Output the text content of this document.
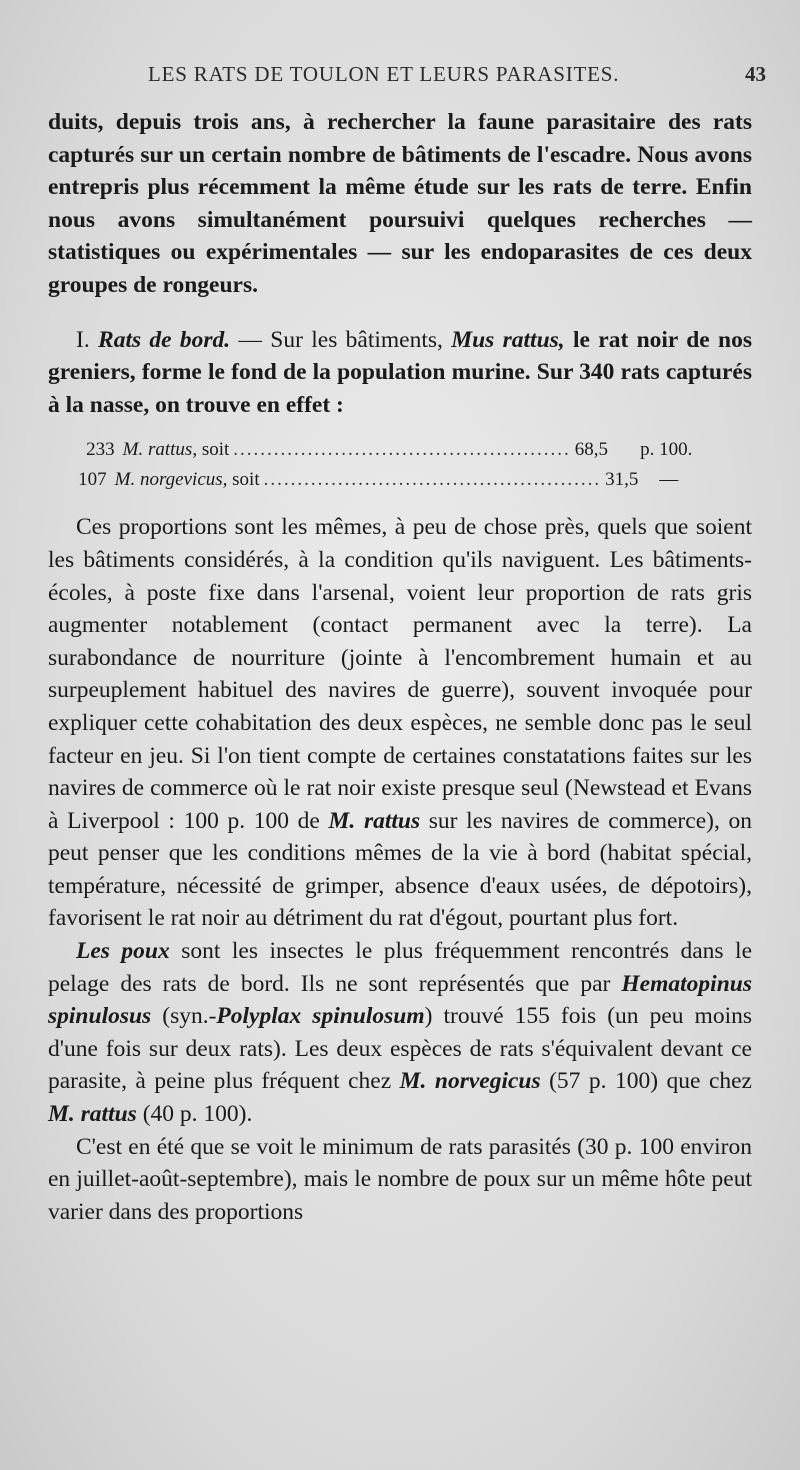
LES RATS DE TOULON ET LEURS PARASITES.	43

duits, depuis trois ans, à rechercher la faune parasitaire des rats capturés sur un certain nombre de bâtiments de l'escadre. Nous avons entrepris plus récemment la même étude sur les rats de terre. Enfin nous avons simultanément poursuivi quelques recherches — statistiques ou expérimentales — sur les endoparasites de ces deux groupes de rongeurs.

I. Rats de bord. — Sur les bâtiments, Mus rattus, le rat noir de nos greniers, forme le fond de la population murine. Sur 340 rats capturés à la nasse, on trouve en effet :

233 M. rattus, soit .................................................. 68,5	p. 100.
107 M. norgevicus, soit .................................................. 31,5	—

Ces proportions sont les mêmes, à peu de chose près, quels que soient les bâtiments considérés, à la condition qu'ils naviguent. Les bâtiments-écoles, à poste fixe dans l'arsenal, voient leur proportion de rats gris augmenter notablement (contact permanent avec la terre). La surabondance de nourriture (jointe à l'encombrement humain et au surpeuplement habituel des navires de guerre), souvent invoquée pour expliquer cette cohabitation des deux espèces, ne semble donc pas le seul facteur en jeu. Si l'on tient compte de certaines constatations faites sur les navires de commerce où le rat noir existe presque seul (Newstead et Evans à Liverpool : 100 p. 100 de M. rattus sur les navires de commerce), on peut penser que les conditions mêmes de la vie à bord (habitat spécial, température, nécessité de grimper, absence d'eaux usées, de dépotoirs), favorisent le rat noir au détriment du rat d'égout, pourtant plus fort.

Les poux sont les insectes le plus fréquemment rencontrés dans le pelage des rats de bord. Ils ne sont représentés que par Hematopinus spinulosus (syn.-Polyplax spinulosum) trouvé 155 fois (un peu moins d'une fois sur deux rats). Les deux espèces de rats s'équivalent devant ce parasite, à peine plus fréquent chez M. norvegicus (57 p. 100) que chez M. rattus (40 p. 100).

C'est en été que se voit le minimum de rats parasités (30 p. 100 environ en juillet-août-septembre), mais le nombre de poux sur un même hôte peut varier dans des proportions
